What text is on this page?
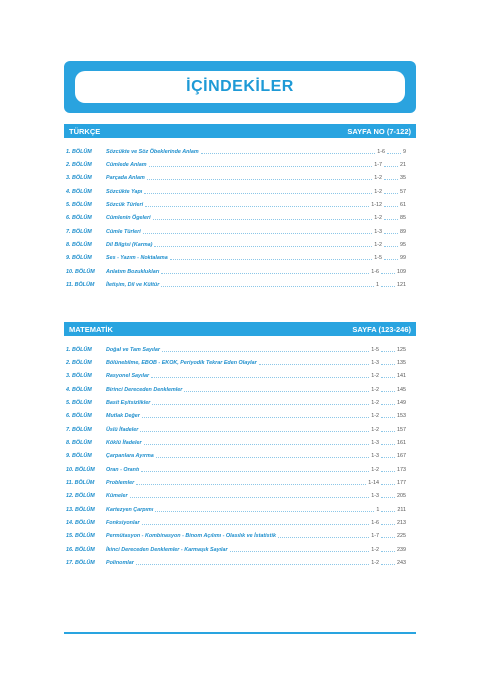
İÇİNDEKİLER
TÜRKÇE	SAYFA NO (7-122)
1. BÖLÜM	Sözcükte ve Söz Öbeklerinde Anlam	1-6	9
2. BÖLÜM	Cümlede Anlam	1-7	21
3. BÖLÜM	Parçada Anlam	1-2	35
4. BÖLÜM	Sözcükte Yapı	1-2	57
5. BÖLÜM	Sözcük Türleri	1-12	61
6. BÖLÜM	Cümlenin Ögeleri	1-2	85
7. BÖLÜM	Cümle Türleri	1-3	89
8. BÖLÜM	Dil Bilgisi (Karma)	1-2	95
9. BÖLÜM	Ses - Yazım - Noktalama	1-5	99
10. BÖLÜM	Anlatım Bozuklukları	1-6	109
11. BÖLÜM	İletişim, Dil ve Kültür	1	121
MATEMATİK	SAYFA (123-246)
1. BÖLÜM	Doğal ve Tam Sayılar	1-5	125
2. BÖLÜM	Bölünebilme, EBOB - EKOK, Periyodik Tekrar Eden Olaylar	1-3	135
3. BÖLÜM	Rasyonel Sayılar	1-2	141
4. BÖLÜM	Birinci Dereceden Denklemler	1-2	145
5. BÖLÜM	Basit Eşitsizlikler	1-2	149
6. BÖLÜM	Mutlak Değer	1-2	153
7. BÖLÜM	Üslü İfadeler	1-2	157
8. BÖLÜM	Köklü İfadeler	1-3	161
9. BÖLÜM	Çarpanlara Ayırma	1-3	167
10. BÖLÜM	Oran - Orantı	1-2	173
11. BÖLÜM	Problemler	1-14	177
12. BÖLÜM	Kümeler	1-3	205
13. BÖLÜM	Kartezyen Çarpımı	1	211
14. BÖLÜM	Fonksiyonlar	1-6	213
15. BÖLÜM	Permütasyon - Kombinasyon - Binom Açılımı - Olasılık ve İstatistik	1-7	225
16. BÖLÜM	İkinci Dereceden Denklemler - Karmaşık Sayılar	1-2	239
17. BÖLÜM	Polinomlar	1-2	243
